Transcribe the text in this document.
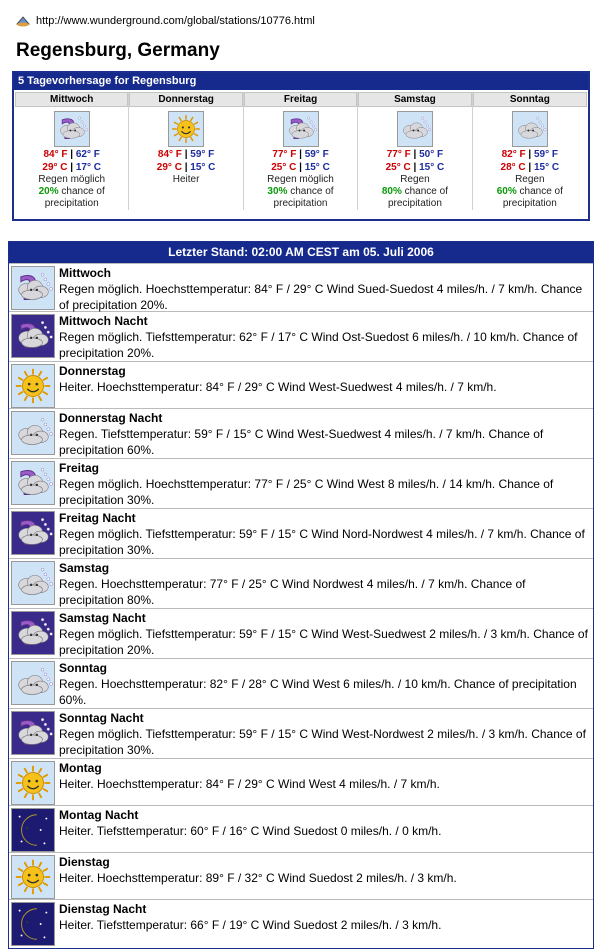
http://www.wunderground.com/global/stations/10776.html
Regensburg, Germany
5 Tagevorhersage for Regensburg
Mittwoch
84° F | 62° F
29° C | 17° C
Regen möglich
20% chance of
precipitation
Donnerstag
84° F | 59° F
29° C | 15° C
Heiter
Freitag
77° F | 59° F
25° C | 15° C
Regen möglich
30% chance of
precipitation
Samstag
77° F | 50° F
25° C | 15° C
Regen
80% chance of
precipitation
Sonntag
82° F | 59° F
28° C | 15° C
Regen
60% chance of
precipitation
Letzter Stand: 02:00 AM CEST am 05. Juli 2006
Mittwoch
Regen möglich. Hoechsttemperatur: 84° F / 29° C Wind Sued-Suedost 4 miles/h. / 7 km/h. Chance of precipitation 20%.
Mittwoch Nacht
Regen möglich. Tiefsttemperatur: 62° F / 17° C Wind Ost-Suedost 6 miles/h. / 10 km/h. Chance of precipitation 20%.
Donnerstag
Heiter. Hoechsttemperatur: 84° F / 29° C Wind West-Suedwest 4 miles/h. / 7 km/h.
Donnerstag Nacht
Regen. Tiefsttemperatur: 59° F / 15° C Wind West-Suedwest 4 miles/h. / 7 km/h. Chance of precipitation 60%.
Freitag
Regen möglich. Hoechsttemperatur: 77° F / 25° C Wind West 8 miles/h. / 14 km/h. Chance of precipitation 30%.
Freitag Nacht
Regen möglich. Tiefsttemperatur: 59° F / 15° C Wind Nord-Nordwest 4 miles/h. / 7 km/h. Chance of precipitation 30%.
Samstag
Regen. Hoechsttemperatur: 77° F / 25° C Wind Nordwest 4 miles/h. / 7 km/h. Chance of precipitation 80%.
Samstag Nacht
Regen möglich. Tiefsttemperatur: 59° F / 15° C Wind West-Suedwest 2 miles/h. / 3 km/h. Chance of precipitation 20%.
Sonntag
Regen. Hoechsttemperatur: 82° F / 28° C Wind West 6 miles/h. / 10 km/h. Chance of precipitation 60%.
Sonntag Nacht
Regen möglich. Tiefsttemperatur: 59° F / 15° C Wind West-Nordwest 2 miles/h. / 3 km/h. Chance of precipitation 30%.
Montag
Heiter. Hoechsttemperatur: 84° F / 29° C Wind West 4 miles/h. / 7 km/h.
Montag Nacht
Heiter. Tiefsttemperatur: 60° F / 16° C Wind Suedost 0 miles/h. / 0 km/h.
Dienstag
Heiter. Hoechsttemperatur: 89° F / 32° C Wind Suedost 2 miles/h. / 3 km/h.
Dienstag Nacht
Heiter. Tiefsttemperatur: 66° F / 19° C Wind Suedost 2 miles/h. / 3 km/h.
